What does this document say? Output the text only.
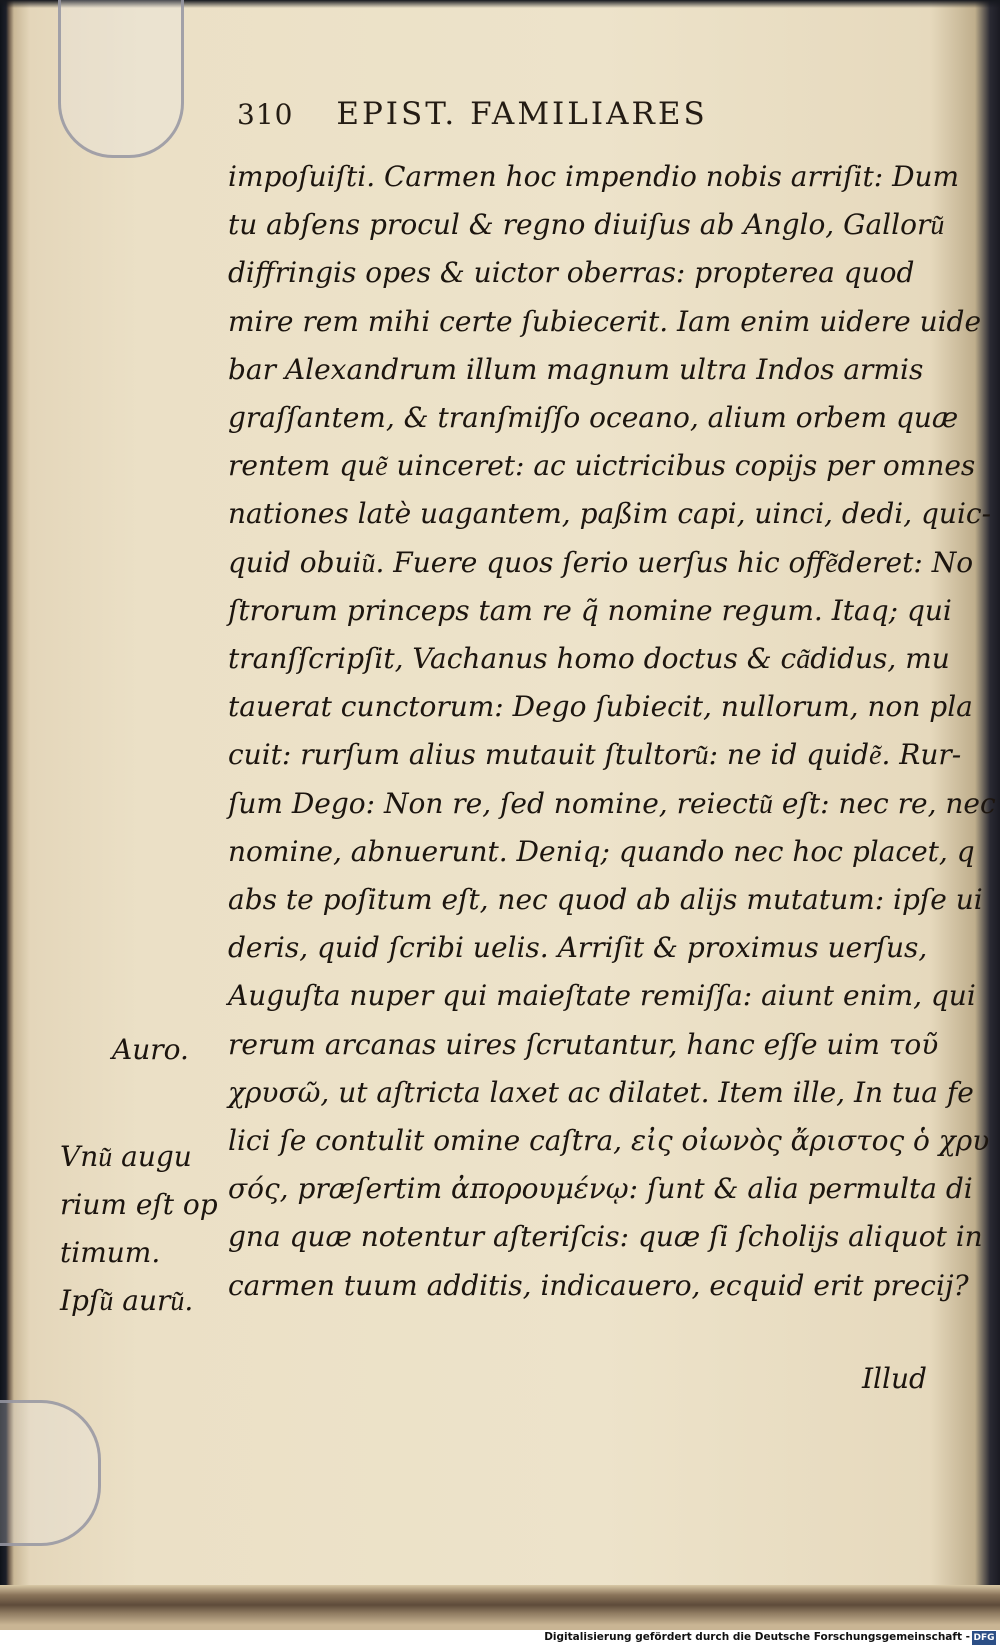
310 EPIST. FAMILIARES
impoſuiſti. Carmen hoc impendio nobis arriſit: Dum
tu abſens procul & regno diuiſus ab Anglo, Galloru͂
diffringis opes & uictor oberras: propterea quod
mire rem mihi certe ſubiecerit. Iam enim uidere uide
bar Alexandrum illum magnum ultra Indos armis
graſſantem, & tranſmiſſo oceano, alium orbem quæ
rentem que͂ uinceret: ac uictricibus copijs per omnes
nationes latè uagantem, paßim capi, uinci, dedi, quic-
quid obuiu͂. Fuere quos ſerio uerſus hic offe͂deret: No
ſtrorum princeps tam re q̃ nomine regum. Itaq; qui
tranſſcripſit, Vachanus homo doctus & ca͂didus, mu
tauerat cunctorum: Dego ſubiecit, nullorum, non pla
cuit: rurſum alius mutauit ſtultoru͂: ne id quide͂. Rur-
ſum Dego: Non re, ſed nomine, reiectu͂ eſt: nec re, nec
nomine, abnuerunt. Deniq; quando nec hoc placet, q
abs te poſitum eſt, nec quod ab alijs mutatum: ipſe ui
deris, quid ſcribi uelis. Arriſit & proximus uerſus,
Auguſta nuper qui maieſtate remiſſa: aiunt enim, qui
rerum arcanas uires ſcrutantur, hanc eſſe uim τοῦ
χρυσῶ, ut aſtricta laxet ac dilatet. Item ille, In tua fe
lici ſe contulit omine caſtra, εἰς οἰωνὸς ἄριστος ὁ χρυ
σός, præſertim ἀπορουμένῳ: ſunt & alia permulta di
gna quæ notentur aſteriſcis: quæ ſi ſcholijs aliquot in
carmen tuum additis, indicauero, ecquid erit precij?
Auro.
Vnu͂ augu
rium eſt op
timum.
Ipſu͂ auru͂.
Illud
Digitalisierung gefördert durch die Deutsche Forschungsgemeinschaft - DFG
